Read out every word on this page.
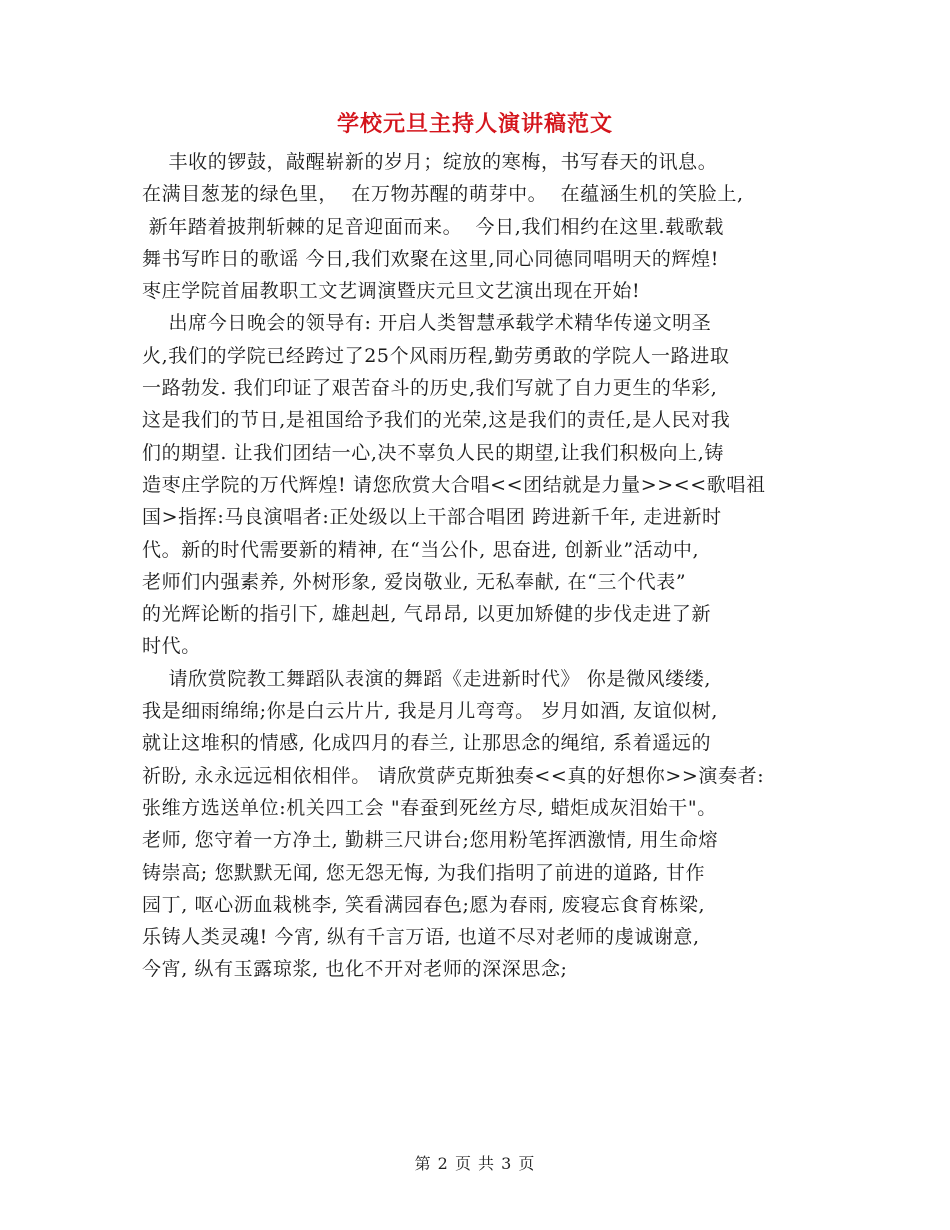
学校元旦主持人演讲稿范文
丰收的锣鼓，敲醒崭新的岁月；绽放的寒梅，书写春天的讯息。
在满目葱茏的绿色里，  在万物苏醒的萌芽中。  在蕴涵生机的笑脸上,
新年踏着披荆斩棘的足音迎面而来。  今日,我们相约在这里.载歌载
舞书写昨日的歌谣 今日,我们欢聚在这里,同心同德同唱明天的辉煌!
枣庄学院首届教职工文艺调演暨庆元旦文艺演出现在开始!
出席今日晚会的领导有: 开启人类智慧承载学术精华传递文明圣
火,我们的学院已经跨过了25个风雨历程,勤劳勇敢的学院人一路进取
一路勃发. 我们印证了艰苦奋斗的历史,我们写就了自力更生的华彩,
这是我们的节日,是祖国给予我们的光荣,这是我们的责任,是人民对我
们的期望. 让我们团结一心,决不辜负人民的期望,让我们积极向上,铸
造枣庄学院的万代辉煌! 请您欣赏大合唱<<团结就是力量>><<歌唱祖
国>指挥:马良演唱者:正处级以上干部合唱团 跨进新千年, 走进新时
代。新的时代需要新的精神, 在“当公仆, 思奋进, 创新业”活动中,
老师们内强素养, 外树形象, 爱岗敬业, 无私奉献, 在“三个代表”
的光辉论断的指引下, 雄赳赳, 气昂昂, 以更加矫健的步伐走进了新
时代。
请欣赏院教工舞蹈队表演的舞蹈《走进新时代》 你是微风缕缕,
我是细雨绵绵;你是白云片片, 我是月儿弯弯。 岁月如酒, 友谊似树,
就让这堆积的情感, 化成四月的春兰, 让那思念的绳绾, 系着遥远的
祈盼, 永永远远相依相伴。 请欣赏萨克斯独奏<<真的好想你>>演奏者:
张维方选送单位:机关四工会 "春蚕到死丝方尽, 蜡炬成灰泪始干"。
老师, 您守着一方净土, 勤耕三尺讲台;您用粉笔挥洒激情, 用生命熔
铸崇高; 您默默无闻, 您无怨无悔, 为我们指明了前进的道路, 甘作
园丁, 呕心沥血栽桃李, 笑看满园春色;愿为春雨, 废寝忘食育栋梁,
乐铸人类灵魂! 今宵, 纵有千言万语, 也道不尽对老师的虔诚谢意,
今宵, 纵有玉露琼浆, 也化不开对老师的深深思念;
第 2 页 共 3 页
